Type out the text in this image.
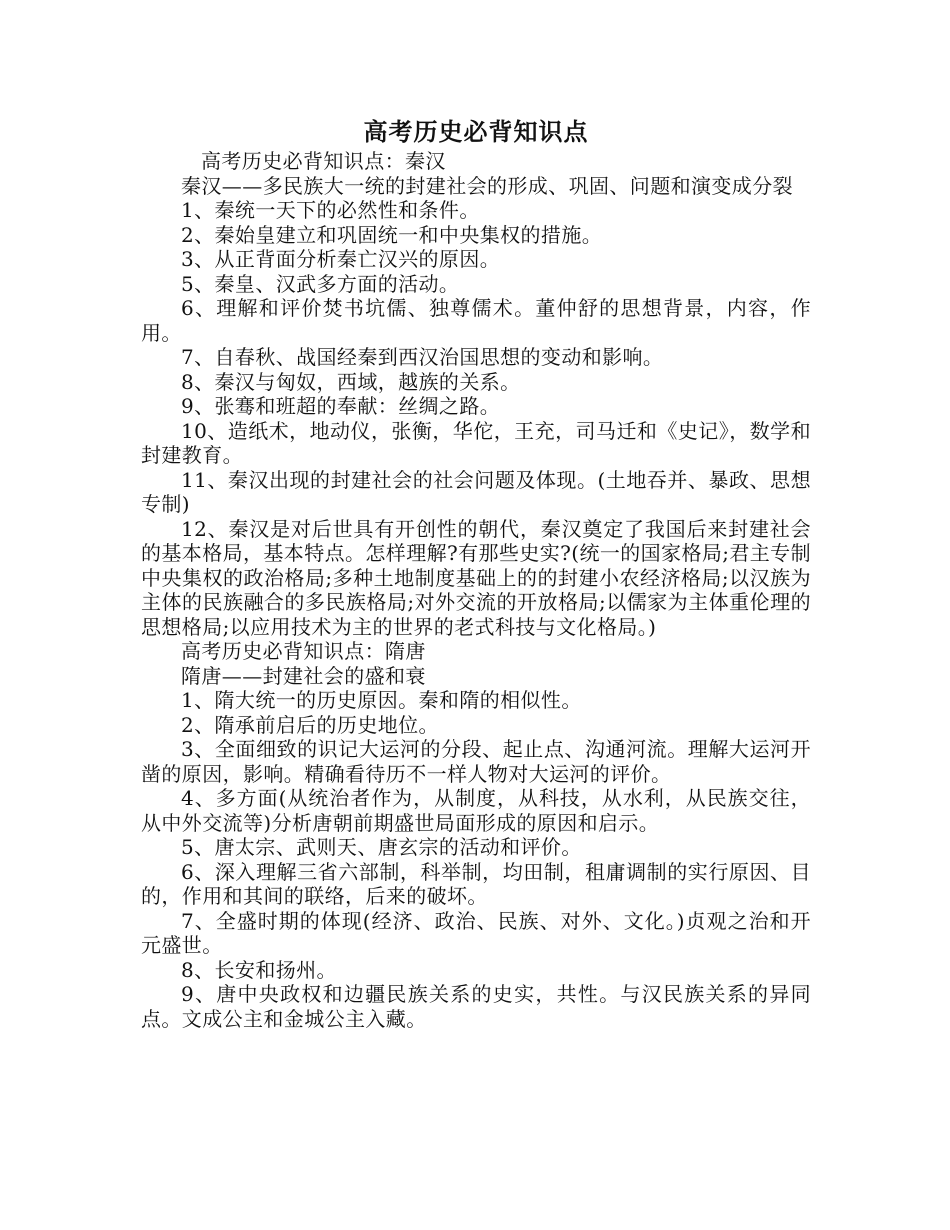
高考历史必背知识点

高考历史必背知识点：秦汉

秦汉——多民族大一统的封建社会的形成、巩固、问题和演变成分裂

1、秦统一天下的必然性和条件。

2、秦始皇建立和巩固统一和中央集权的措施。

3、从正背面分析秦亡汉兴的原因。

5、秦皇、汉武多方面的活动。

6、理解和评价焚书坑儒、独尊儒术。董仲舒的思想背景，内容，作用。

7、自春秋、战国经秦到西汉治国思想的变动和影响。

8、秦汉与匈奴，西域，越族的关系。

9、张骞和班超的奉献：丝绸之路。

10、造纸术，地动仪，张衡，华佗，王充，司马迁和《史记》，数学和封建教育。

11、秦汉出现的封建社会的社会问题及体现。(土地吞并、暴政、思想专制)

12、秦汉是对后世具有开创性的朝代，秦汉奠定了我国后来封建社会的基本格局，基本特点。怎样理解?有那些史实?(统一的国家格局;君主专制中央集权的政治格局;多种土地制度基础上的的封建小农经济格局;以汉族为主体的民族融合的多民族格局;对外交流的开放格局;以儒家为主体重伦理的思想格局;以应用技术为主的世界的老式科技与文化格局。)

高考历史必背知识点：隋唐

隋唐——封建社会的盛和衰

1、隋大统一的历史原因。秦和隋的相似性。

2、隋承前启后的历史地位。

3、全面细致的识记大运河的分段、起止点、沟通河流。理解大运河开凿的原因，影响。精确看待历不一样人物对大运河的评价。

4、多方面(从统治者作为，从制度，从科技，从水利，从民族交往，从中外交流等)分析唐朝前期盛世局面形成的原因和启示。

5、唐太宗、武则天、唐玄宗的活动和评价。

6、深入理解三省六部制，科举制，均田制，租庸调制的实行原因、目的，作用和其间的联络，后来的破坏。

7、全盛时期的体现(经济、政治、民族、对外、文化。)贞观之治和开元盛世。

8、长安和扬州。

9、唐中央政权和边疆民族关系的史实，共性。与汉民族关系的异同点。文成公主和金城公主入藏。
